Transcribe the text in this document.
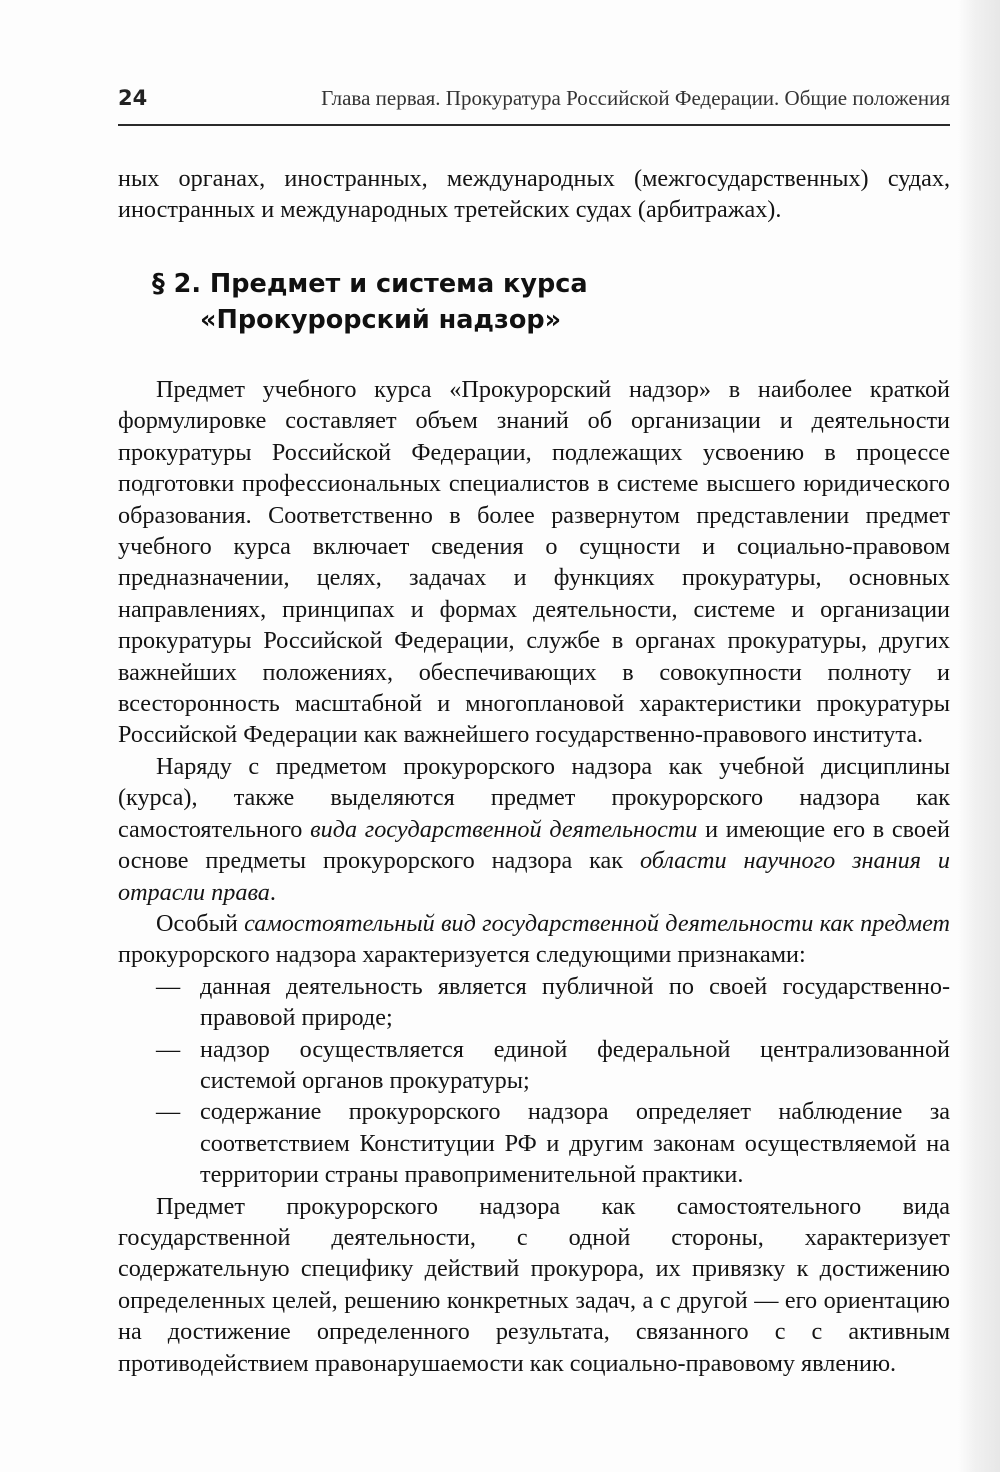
24	Глава первая. Прокуратура Российской Федерации. Общие положения

ных органах, иностранных, международных (межгосударственных) судах, иностранных и международных третейских судах (арбитражах).

§ 2. Предмет и система курса
«Прокурорский надзор»

Предмет учебного курса «Прокурорский надзор» в наиболее краткой формулировке составляет объем знаний об организации и деятельности прокуратуры Российской Федерации, подлежащих усвоению в процессе подготовки профессиональных специалистов в системе высшего юридического образования. Соответственно в более развернутом представлении предмет учебного курса включает сведения о сущности и социально-правовом предназначении, целях, задачах и функциях прокуратуры, основных направлениях, принципах и формах деятельности, системе и организации прокуратуры Российской Федерации, службе в органах прокуратуры, других важнейших положениях, обеспечивающих в совокупности полноту и всесторонность масштабной и многоплановой характеристики прокуратуры Российской Федерации как важнейшего государственно-правового института.

Наряду с предметом прокурорского надзора как учебной дисциплины (курса), также выделяются предмет прокурорского надзора как самостоятельного вида государственной деятельности и имеющие его в своей основе предметы прокурорского надзора как области научного знания и отрасли права.

Особый самостоятельный вид государственной деятельности как предмет прокурорского надзора характеризуется следующими признаками:

— данная деятельность является публичной по своей государственно-правовой природе;
— надзор осуществляется единой федеральной централизованной системой органов прокуратуры;
— содержание прокурорского надзора определяет наблюдение за соответствием Конституции РФ и другим законам осуществляемой на территории страны правоприменительной практики.

Предмет прокурорского надзора как самостоятельного вида государственной деятельности, с одной стороны, характеризует содержательную специфику действий прокурора, их привязку к достижению определенных целей, решению конкретных задач, а с другой — его ориентацию на достижение определенного результата, связанного с с активным противодействием правонарушаемости как социально-правовому явлению.
